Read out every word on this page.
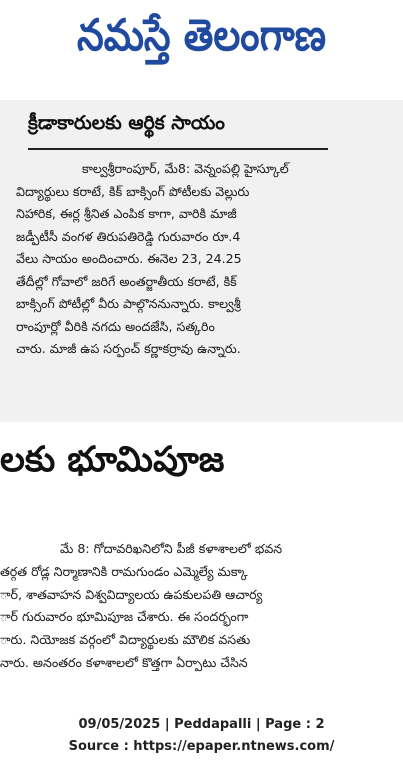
నమస్తే తెలంగాణ
క్రీడాకారులకు ఆర్థిక సాయం
కాల్వశ్రీరాంపూర్, మే8: వెన్నంపల్లి హైస్కూల్
విద్యార్థులు కరాటే, కిక్ బాక్సింగ్ పోటీలకు వెల్లురు
నిహారిక, ఈర్ల శ్రీనిత ఎంపిక కాగా, వారికి మాజీ
జడ్పీటీసీ వంగళ తిరుపతిరెడ్డి గురువారం రూ.4
వేలు సాయం అందించారు. ఈనెల 23, 24.25
తేదీల్లో గోవాలో జరిగే అంతర్జాతీయ కరాటే, కిక్
బాక్సింగ్ పోటీల్లో వీరు పాల్గొననున్నారు. కాల్వశ్రీ
రాంపూర్లో వీరికి నగదు అందజేసి, సత్కరిం
చారు. మాజీ ఉప సర్పంచ్ కర్ణాకర్రావు ఉన్నారు.
లకు భూమిపూజ
మే 8: గోదావరిఖనిలోని పీజీ కళాశాలలో భవన
తర్గత రోడ్ల నిర్మాణానికి రామగుండం ఎమ్మెల్యే మక్కా
ార్, శాతవాహన విశ్వవిద్యాలయ ఉపకులపతి ఆచార్య
ార్ గురువారం భూమిపూజ చేశారు. ఈ సందర్భంగా
ారు. నియోజక వర్గంలో విద్యార్థులకు మౌలిక వసతు
నారు. అనంతరం కళాశాలలో కొత్తగా ఏర్పాటు చేసిన
09/05/2025 | Peddapalli | Page : 2
Source : https://epaper.ntnews.com/
